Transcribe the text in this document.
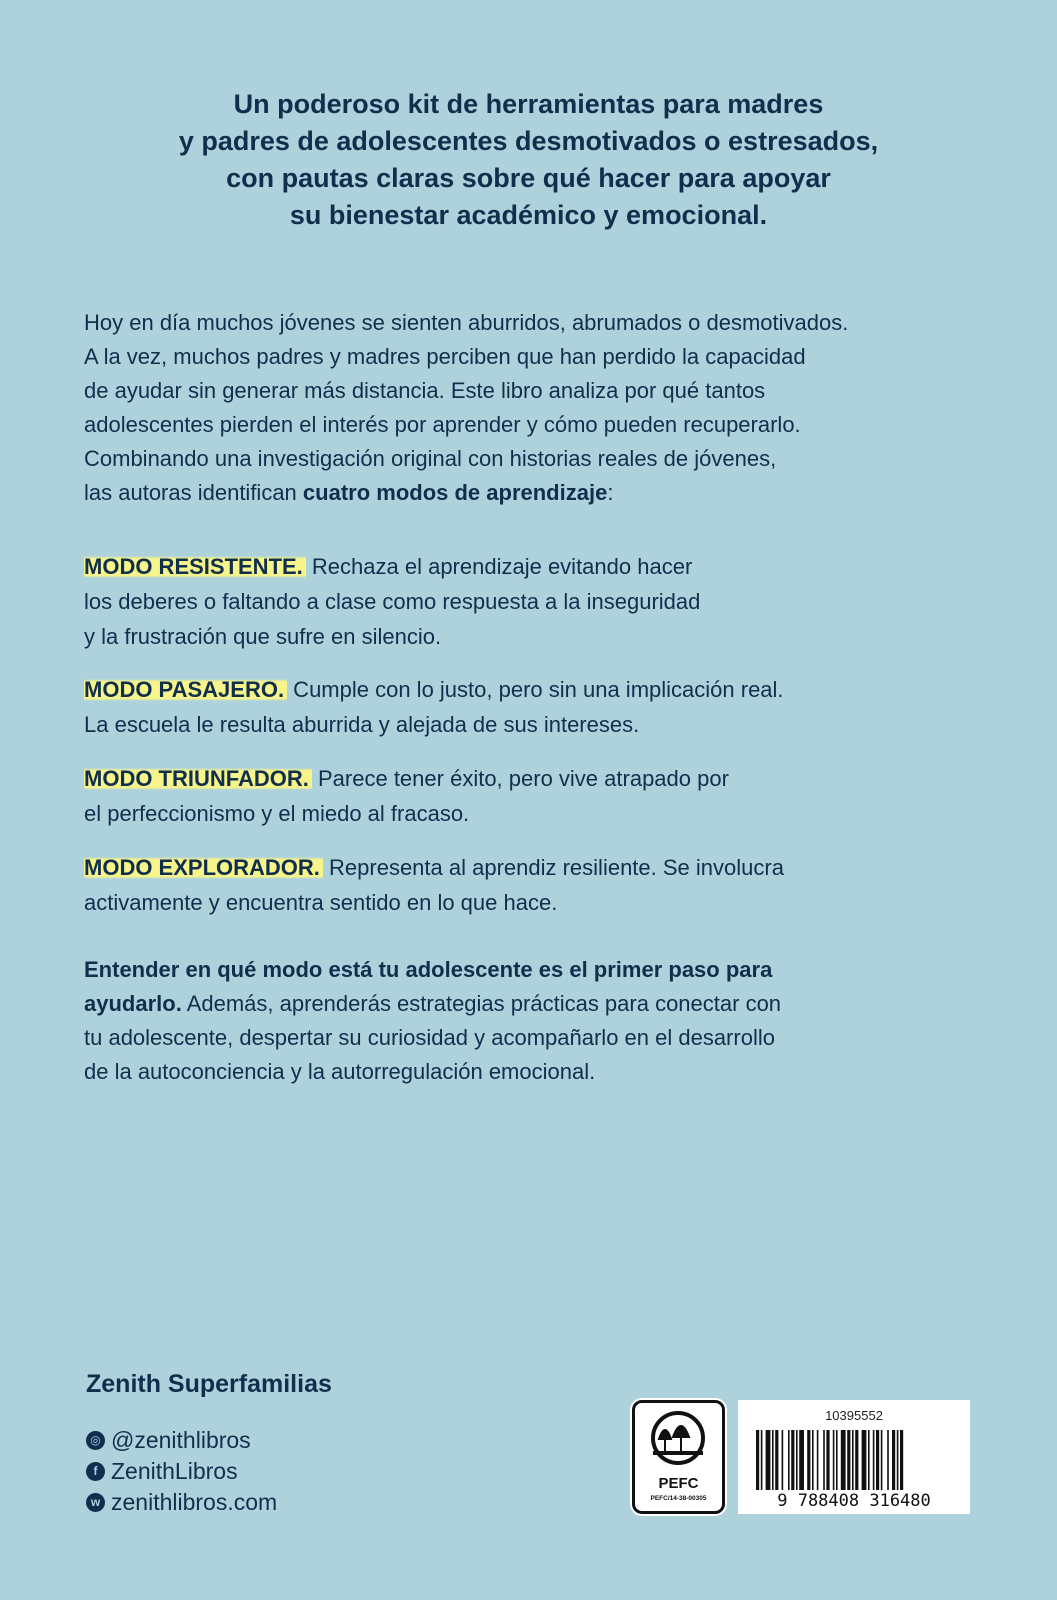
Un poderoso kit de herramientas para madres
y padres de adolescentes desmotivados o estresados,
con pautas claras sobre qué hacer para apoyar
su bienestar académico y emocional.
Hoy en día muchos jóvenes se sienten aburridos, abrumados o desmotivados.
A la vez, muchos padres y madres perciben que han perdido la capacidad
de ayudar sin generar más distancia. Este libro analiza por qué tantos
adolescentes pierden el interés por aprender y cómo pueden recuperarlo.
Combinando una investigación original con historias reales de jóvenes,
las autoras identifican cuatro modos de aprendizaje:
MODO RESISTENTE. Rechaza el aprendizaje evitando hacer
los deberes o faltando a clase como respuesta a la inseguridad
y la frustración que sufre en silencio.
MODO PASAJERO. Cumple con lo justo, pero sin una implicación real.
La escuela le resulta aburrida y alejada de sus intereses.
MODO TRIUNFADOR. Parece tener éxito, pero vive atrapado por
el perfeccionismo y el miedo al fracaso.
MODO EXPLORADOR. Representa al aprendiz resiliente. Se involucra
activamente y encuentra sentido en lo que hace.
Entender en qué modo está tu adolescente es el primer paso para
ayudarlo. Además, aprenderás estrategias prácticas para conectar con
tu adolescente, despertar su curiosidad y acompañarlo en el desarrollo
de la autoconciencia y la autorregulación emocional.
Zenith Superfamilias
◎ @zenithlibros
f ZenithLibros
w zenithlibros.com
PEFC
PEFC/14-38-00305
10395552
9 788408 316480
